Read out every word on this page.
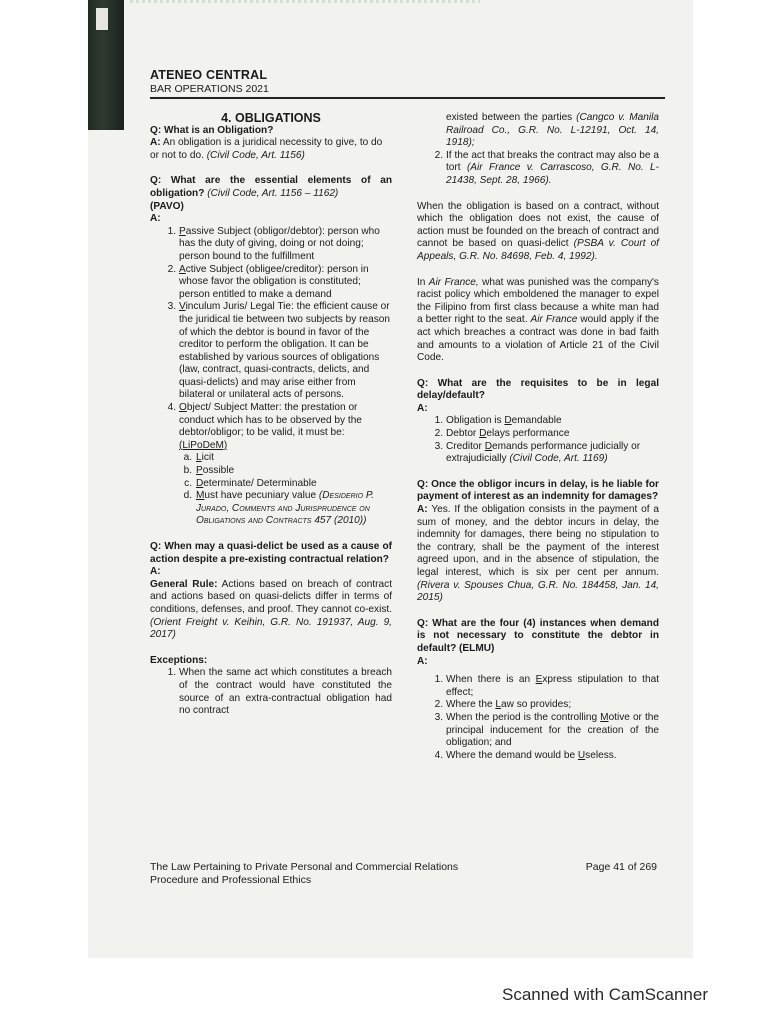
ATENEO CENTRAL
BAR OPERATIONS 2021

4. OBLIGATIONS

Q: What is an Obligation?

A: An obligation is a juridical necessity to give, to do or not to do. (Civil Code, Art. 1156)

Q: What are the essential elements of an obligation? (Civil Code, Art. 1156 – 1162)

(PAVO)

A:

1. Passive Subject (obligor/debtor): person who has the duty of giving, doing or not doing; person bound to the fulfillment
2. Active Subject (obligee/creditor): person in whose favor the obligation is constituted; person entitled to make a demand
3. Vinculum Juris/ Legal Tie: the efficient cause or the juridical tie between two subjects by reason of which the debtor is bound in favor of the creditor to perform the obligation. It can be established by various sources of obligations (law, contract, quasi-contracts, delicts, and quasi-delicts) and may arise either from bilateral or unilateral acts of persons.
4. Object/ Subject Matter: the prestation or conduct which has to be observed by the debtor/obligor; to be valid, it must be: (LiPoDeM)
a. Licit
b. Possible
c. Determinate/ Determinable
d. Must have pecuniary value (Desiderio P. Jurado, Comments and Jurisprudence on Obligations and Contracts 457 (2010))

Q: When may a quasi-delict be used as a cause of action despite a pre-existing contractual relation?

A:

General Rule: Actions based on breach of contract and actions based on quasi-delicts differ in terms of conditions, defenses, and proof. They cannot co-exist. (Orient Freight v. Keihin, G.R. No. 191937, Aug. 9, 2017)

Exceptions:

1. When the same act which constitutes a breach of the contract would have constituted the source of an extra-contractual obligation had no contract
existed between the parties (Cangco v. Manila Railroad Co., G.R. No. L-12191, Oct. 14, 1918);
2. If the act that breaks the contract may also be a tort (Air France v. Carrascoso, G.R. No. L-21438, Sept. 28, 1966).

When the obligation is based on a contract, without which the obligation does not exist, the cause of action must be founded on the breach of contract and cannot be based on quasi-delict (PSBA v. Court of Appeals, G.R. No. 84698, Feb. 4, 1992).

In Air France, what was punished was the company's racist policy which emboldened the manager to expel the Filipino from first class because a white man had a better right to the seat. Air France would apply if the act which breaches a contract was done in bad faith and amounts to a violation of Article 21 of the Civil Code.

Q: What are the requisites to be in legal delay/default?

A:

1. Obligation is Demandable
2. Debtor Delays performance
3. Creditor Demands performance judicially or extrajudicially (Civil Code, Art. 1169)

Q: Once the obligor incurs in delay, is he liable for payment of interest as an indemnity for damages?

A: Yes. If the obligation consists in the payment of a sum of money, and the debtor incurs in delay, the indemnity for damages, there being no stipulation to the contrary, shall be the payment of the interest agreed upon, and in the absence of stipulation, the legal interest, which is six per cent per annum. (Rivera v. Spouses Chua, G.R. No. 184458, Jan. 14, 2015)

Q: What are the four (4) instances when demand is not necessary to constitute the debtor in default? (ELMU)

A:

1. When there is an Express stipulation to that effect;
2. Where the Law so provides;
3. When the period is the controlling Motive or the principal inducement for the creation of the obligation; and
4. Where the demand would be Useless.
The Law Pertaining to Private Personal and Commercial Relations Procedure and Professional Ethics
Page 41 of 269
Scanned with CamScanner
